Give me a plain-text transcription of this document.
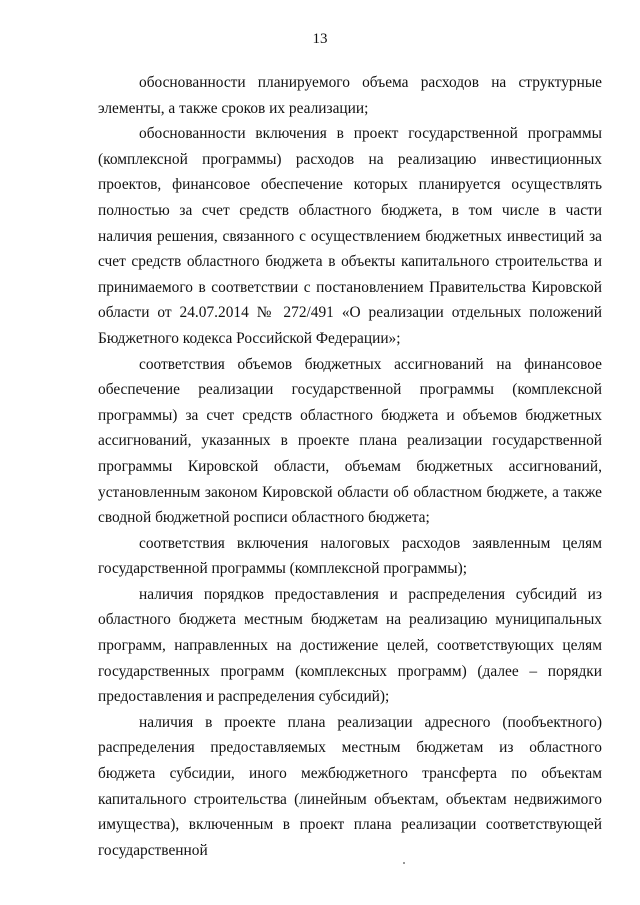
13

обоснованности планируемого объема расходов на структурные элементы, а также сроков их реализации;

обоснованности включения в проект государственной программы (комплексной программы) расходов на реализацию инвестиционных проектов, финансовое обеспечение которых планируется осуществлять полностью за счет средств областного бюджета, в том числе в части наличия решения, связанного с осуществлением бюджетных инвестиций за счет средств областного бюджета в объекты капитального строительства и принимаемого в соответствии с постановлением Правительства Кировской области от 24.07.2014 № 272/491 «О реализации отдельных положений Бюджетного кодекса Российской Федерации»;

соответствия объемов бюджетных ассигнований на финансовое обеспечение реализации государственной программы (комплексной программы) за счет средств областного бюджета и объемов бюджетных ассигнований, указанных в проекте плана реализации государственной программы Кировской области, объемам бюджетных ассигнований, установленным законом Кировской области об областном бюджете, а также сводной бюджетной росписи областного бюджета;

соответствия включения налоговых расходов заявленным целям государственной программы (комплексной программы);

наличия порядков предоставления и распределения субсидий из областного бюджета местным бюджетам на реализацию муниципальных программ, направленных на достижение целей, соответствующих целям государственных программ (комплексных программ) (далее – порядки предоставления и распределения субсидий);

наличия в проекте плана реализации адресного (пообъектного) распределения предоставляемых местным бюджетам из областного бюджета субсидии, иного межбюджетного трансферта по объектам капитального строительства (линейным объектам, объектам недвижимого имущества), включенным в проект плана реализации соответствующей государственной
